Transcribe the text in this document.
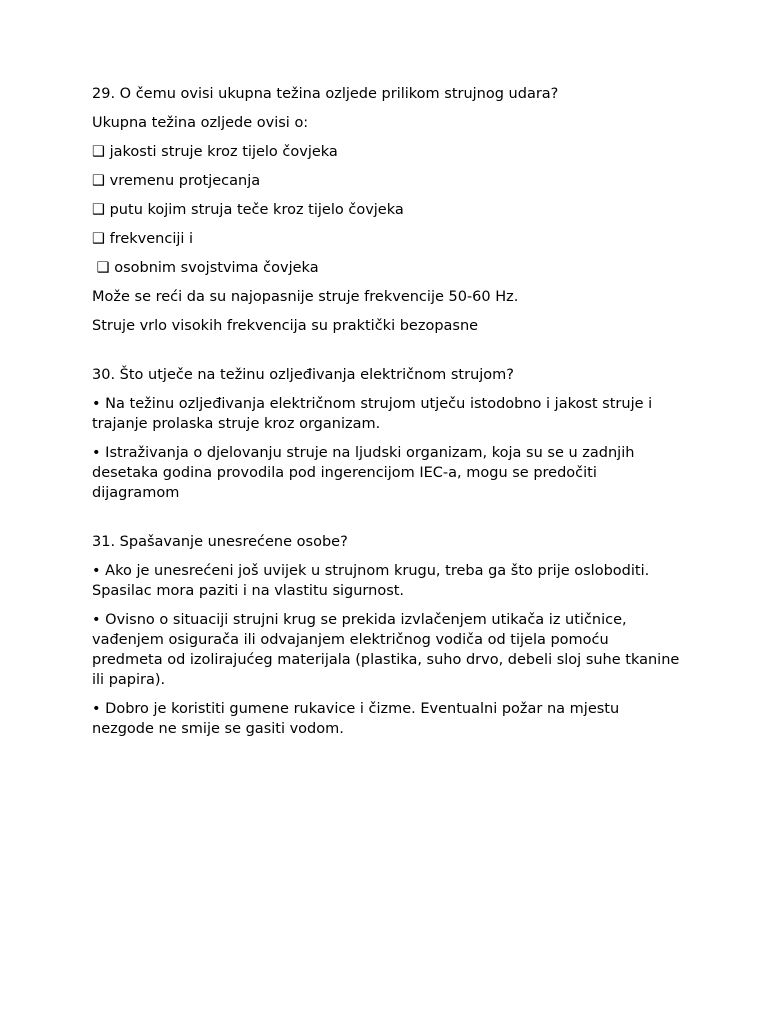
29. O čemu ovisi ukupna težina ozljede prilikom strujnog udara?

Ukupna težina ozljede ovisi o:

❑ jakosti struje kroz tijelo čovjeka

❑ vremenu protjecanja

❑ putu kojim struja teče kroz tijelo čovjeka

❑ frekvenciji i

❑ osobnim svojstvima čovjeka

Može se reći da su najopasnije struje frekvencije 50-60 Hz.

Struje vrlo visokih frekvencija su praktički bezopasne

30. Što utječe na težinu ozljeđivanja električnom strujom?

• Na težinu ozljeđivanja električnom strujom utječu istodobno i jakost struje i trajanje prolaska struje kroz organizam.

• Istraživanja o djelovanju struje na ljudski organizam, koja su se u zadnjih desetaka godina provodila pod ingerencijom IEC-a, mogu se predočiti dijagramom

31. Spašavanje unesrećene osobe?

• Ako je unesrećeni još uvijek u strujnom krugu, treba ga što prije osloboditi. Spasilac mora paziti i na vlastitu sigurnost.

• Ovisno o situaciji strujni krug se prekida izvlačenjem utikača iz utičnice, vađenjem osigurača ili odvajanjem električnog vodiča od tijela pomoću predmeta od izolirajućeg materijala (plastika, suho drvo, debeli sloj suhe tkanine ili papira).

• Dobro je koristiti gumene rukavice i čizme. Eventualni požar na mjestu nezgode ne smije se gasiti vodom.
